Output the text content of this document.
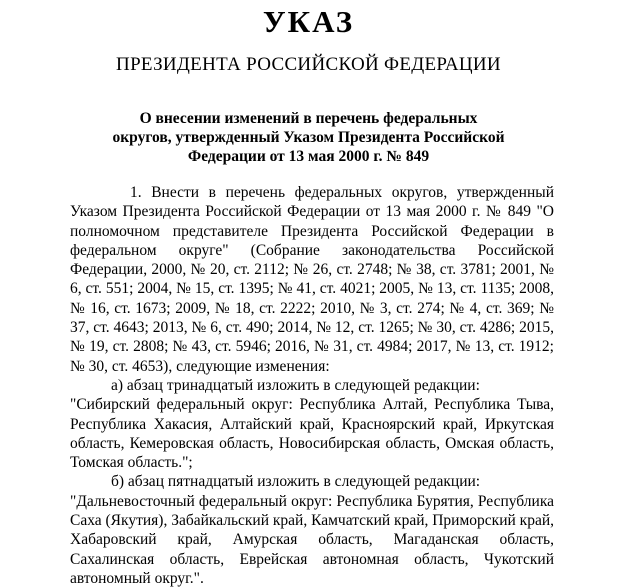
УКАЗ
ПРЕЗИДЕНТА РОССИЙСКОЙ ФЕДЕРАЦИИ
О внесении изменений в перечень федеральных
округов, утвержденный Указом Президента Российской
Федерации от 13 мая 2000 г. № 849

1. Внести в перечень федеральных округов, утвержденный Указом Президента Российской Федерации от 13 мая 2000 г. № 849 "О полномочном представителе Президента Российской Федерации в федеральном округе" (Собрание законодательства Российской Федерации, 2000, № 20, ст. 2112; № 26, ст. 2748; № 38, ст. 3781; 2001, № 6, ст. 551; 2004, № 15, ст. 1395; № 41, ст. 4021; 2005, № 13, ст. 1135; 2008, № 16, ст. 1673; 2009, № 18, ст. 2222; 2010, № 3, ст. 274; № 4, ст. 369; № 37, ст. 4643; 2013, № 6, ст. 490; 2014, № 12, ст. 1265; № 30, ст. 4286; 2015, № 19, ст. 2808; № 43, ст. 5946; 2016, № 31, ст. 4984; 2017, № 13, ст. 1912; № 30, ст. 4653), следующие изменения:

а) абзац тринадцатый изложить в следующей редакции:

"Сибирский федеральный округ: Республика Алтай, Республика Тыва, Республика Хакасия, Алтайский край, Красноярский край, Иркутская область, Кемеровская область, Новосибирская область, Омская область, Томская область.";

б) абзац пятнадцатый изложить в следующей редакции:

"Дальневосточный федеральный округ: Республика Бурятия, Республика Саха (Якутия), Забайкальский край, Камчатский край, Приморский край, Хабаровский край, Амурская область, Магаданская область, Сахалинская область, Еврейская автономная область, Чукотский автономный округ.".
